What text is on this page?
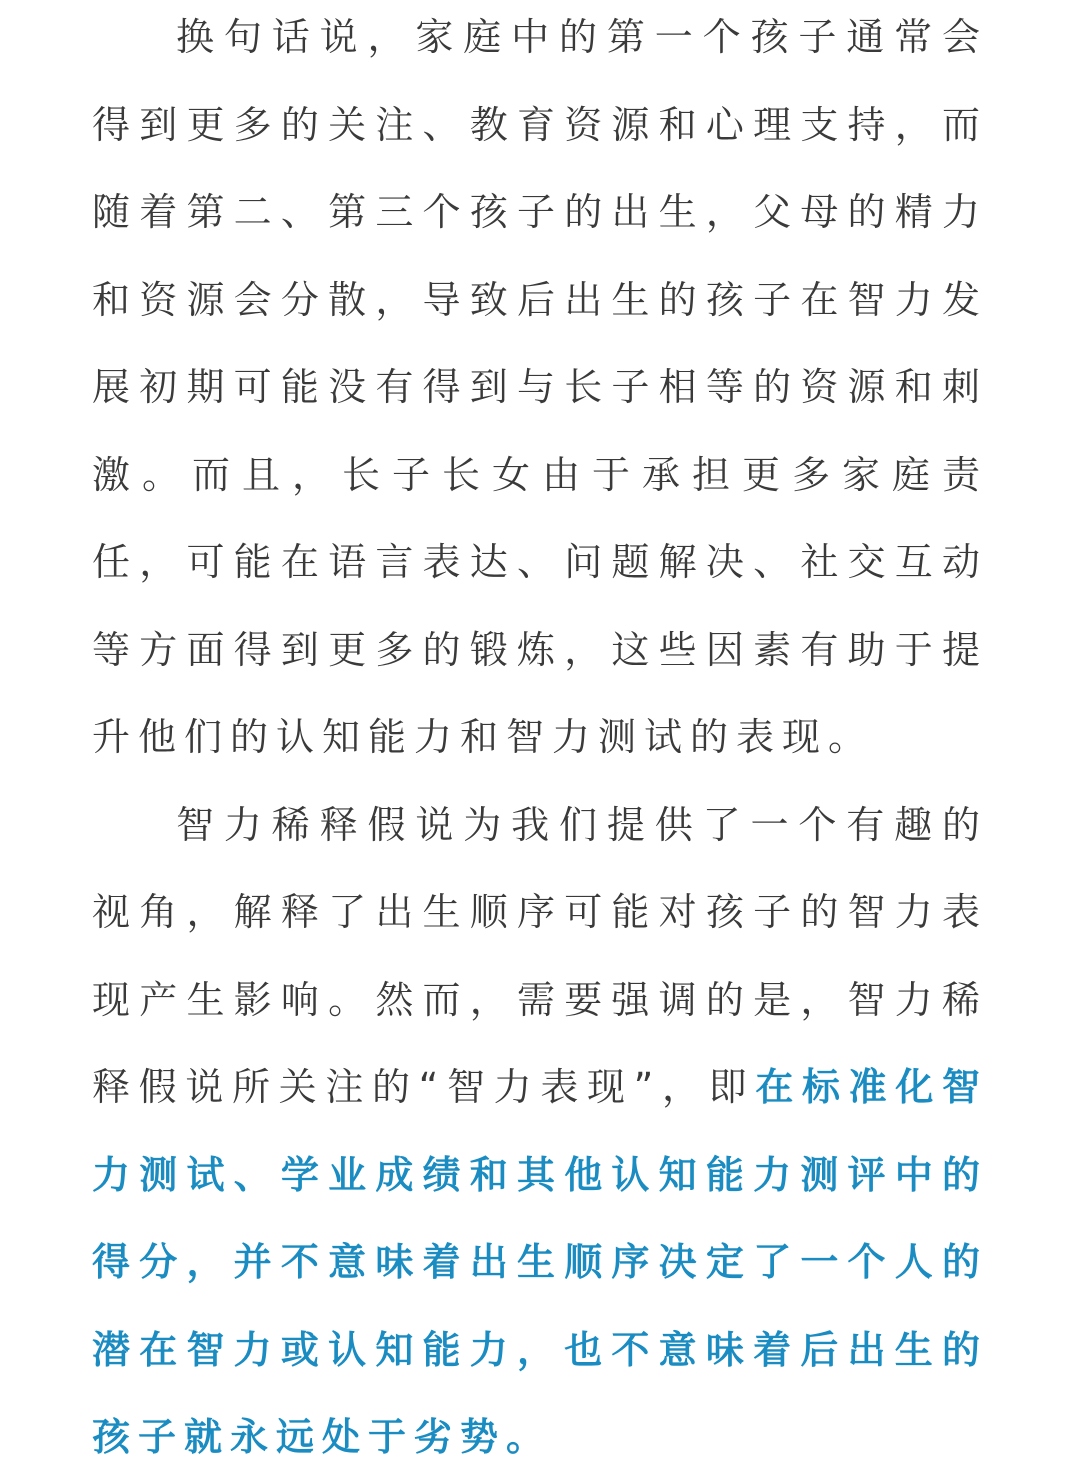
换句话说，家庭中的第一个孩子通常会得到更多的关注、教育资源和心理支持，而随着第二、第三个孩子的出生，父母的精力和资源会分散，导致后出生的孩子在智力发展初期可能没有得到与长子相等的资源和刺激。而且，长子长女由于承担更多家庭责任，可能在语言表达、问题解决、社交互动等方面得到更多的锻炼，这些因素有助于提升他们的认知能力和智力测试的表现。

智力稀释假说为我们提供了一个有趣的视角，解释了出生顺序可能对孩子的智力表现产生影响。然而，需要强调的是，智力稀释假说所关注的“智力表现”，即在标准化智力测试、学业成绩和其他认知能力测评中的得分，并不意味着出生顺序决定了一个人的潜在智力或认知能力，也不意味着后出生的孩子就永远处于劣势。
